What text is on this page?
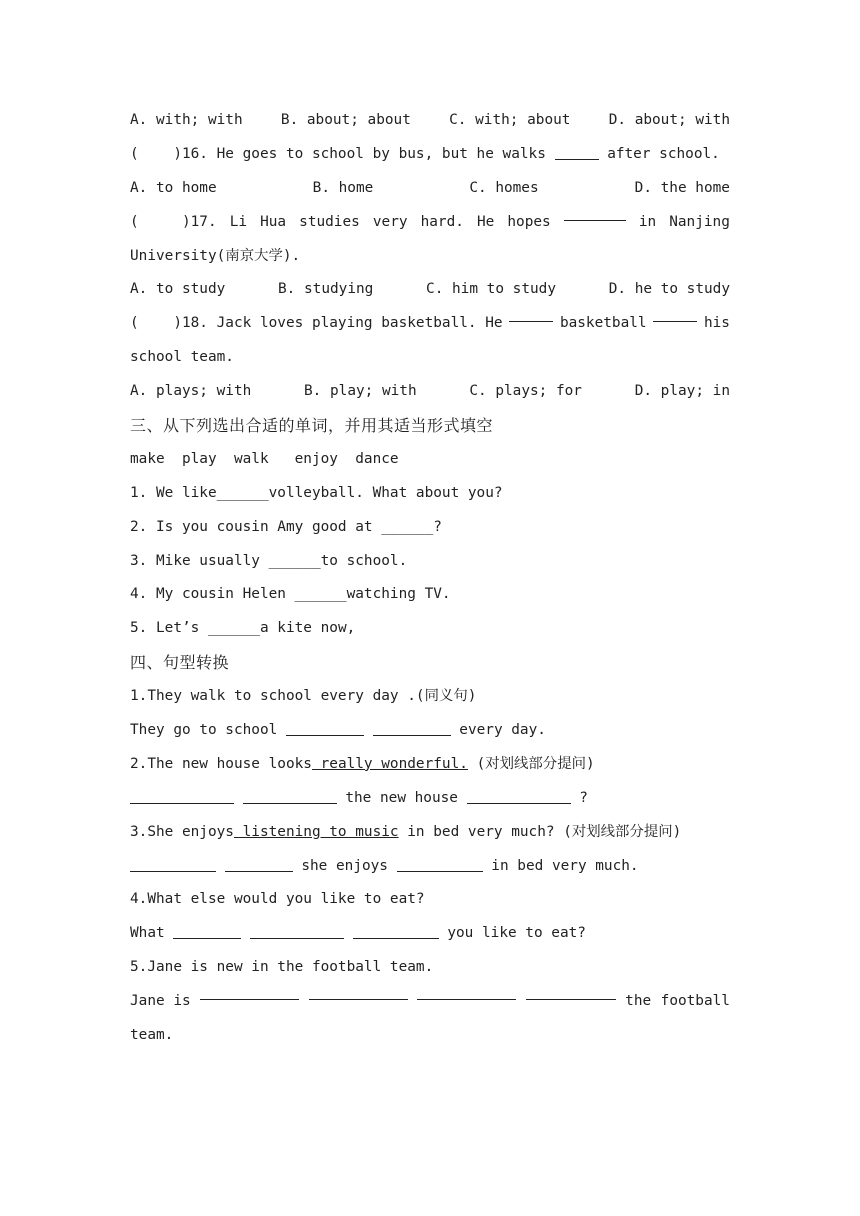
A. with; with	B. about; about	C. with; about	D. about; with
(    )16. He goes to school by bus, but he walks	after school.
A. to home	B. home	C. homes	D. the home
(     )17. Li Hua studies very hard. He hopes	in Nanjing
University(南京大学).
A. to study	B. studying	C. him to study	D. he to study
(    )18. Jack loves playing basketball. He	basketball	his
school team.
A. plays; with	B. play; with	C. plays; for	D. play; in
三、从下列选出合适的单词，并用其适当形式填空
make  play  walk   enjoy  dance
1. We like______volleyball. What about you?
2. Is you cousin Amy good at ______?
3. Mike usually ______to school.
4. My cousin Helen ______watching TV.
5. Let’s ______a kite now,
四、句型转换
1.They walk to school every day .(同义句)
They go to school	every day.
2.The new house looks really wonderful. (对划线部分提问)
the new house	?
3.She enjoys listening to music in bed very much? (对划线部分提问)
she enjoys	in bed very much.
4.What else would you like to eat?
What	you like to eat?
5.Jane is new in the football team.
Jane is	the football
team.
